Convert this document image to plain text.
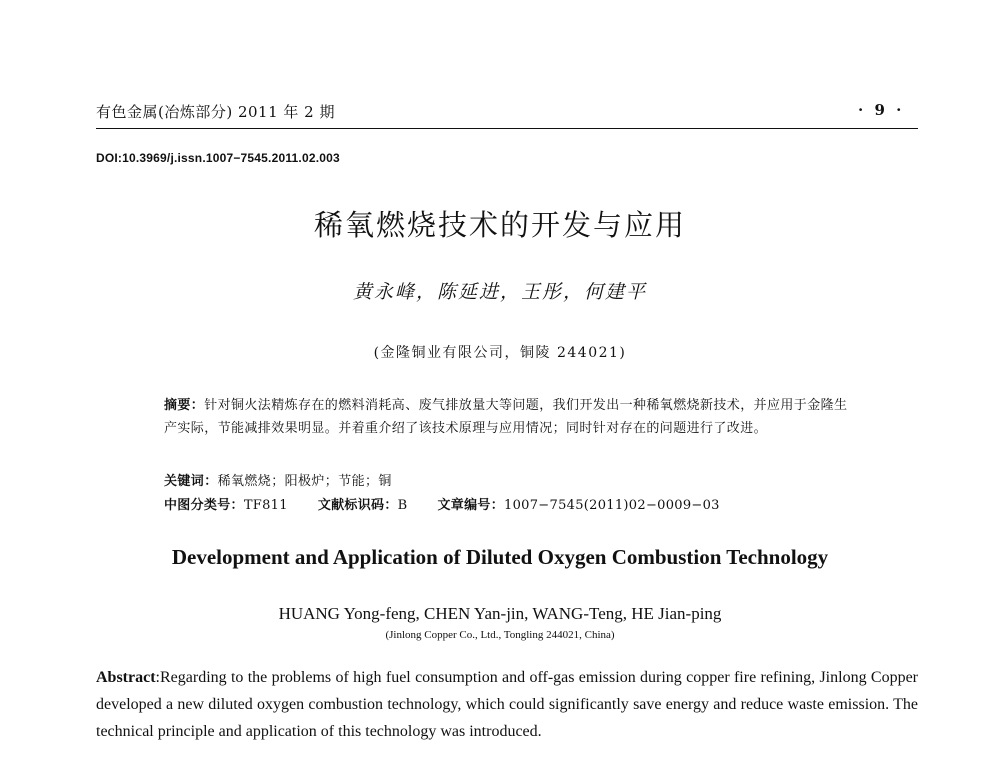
有色金属(冶炼部分) 2011 年 2 期	· 9 ·
DOI:10.3969/j.issn.1007−7545.2011.02.003
稀氧燃烧技术的开发与应用
黄永峰，陈延进，王彤，何建平
(金隆铜业有限公司，铜陵 244021)
摘要：针对铜火法精炼存在的燃料消耗高、废气排放量大等问题，我们开发出一种稀氧燃烧新技术，并应用于金隆生产实际，节能减排效果明显。并着重介绍了该技术原理与应用情况；同时针对存在的问题进行了改进。
关键词：稀氧燃烧；阳极炉；节能；铜
中图分类号：TF811 文献标识码：B 文章编号：1007−7545(2011)02−0009−03
Development and Application of Diluted Oxygen Combustion Technology
HUANG Yong-feng, CHEN Yan-jin, WANG-Teng, HE Jian-ping
(Jinlong Copper Co., Ltd., Tongling 244021, China)
Abstract:Regarding to the problems of high fuel consumption and off-gas emission during copper fire refining, Jinlong Copper developed a new diluted oxygen combustion technology, which could significantly save energy and reduce waste emission. The technical principle and application of this technology was introduced.
